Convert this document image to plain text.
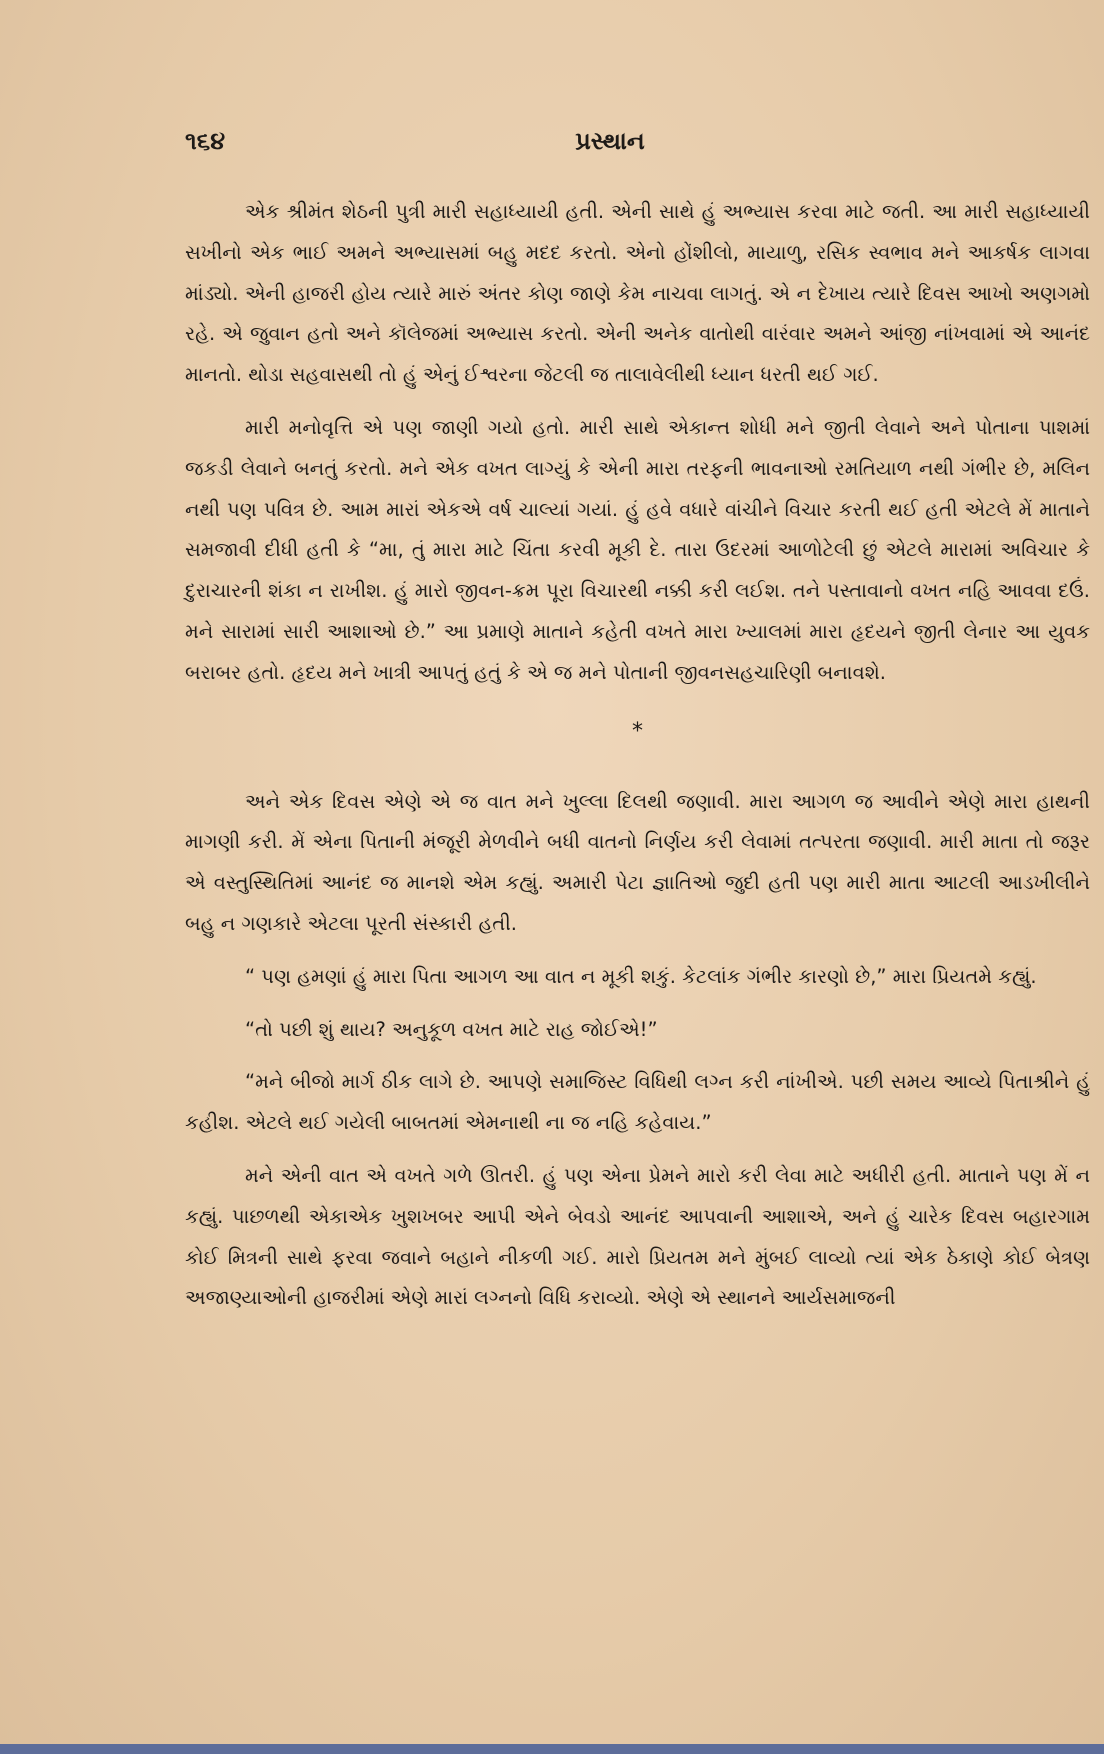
૧૬૪	પ્રસ્થાન

એક શ્રીમંત શેઠની પુત્રી મારી સહાધ્યાયી હતી. એની સાથે હું અભ્યાસ કરવા માટે જતી. આ મારી સહાધ્યાયી સખીનો એક ભાઈ અમને અભ્યાસમાં બહુ મદદ કરતો. એનો હોંશીલો, માયાળુ, રસિક સ્વભાવ મને આકર્ષક લાગવા માંડ્યો. એની હાજરી હોય ત્યારે મારું અંતર કોણ જાણે કેમ નાચવા લાગતું. એ ન દેખાય ત્યારે દિવસ આખો અણગમો રહે. એ જુવાન હતો અને કૉલેજમાં અભ્યાસ કરતો. એની અનેક વાતોથી વારંવાર અમને આંજી નાંખવામાં એ આનંદ માનતો. થોડા સહવાસથી તો હું એનું ઈશ્વરના જેટલી જ તાલાવેલીથી ધ્યાન ધરતી થઈ ગઈ.

મારી મનોવૃત્તિ એ પણ જાણી ગયો હતો. મારી સાથે એકાન્ત શોધી મને જીતી લેવાને અને પોતાના પાશમાં જકડી લેવાને બનતું કરતો. મને એક વખત લાગ્યું કે એની મારા તરફની ભાવનાઓ રમતિયાળ નથી ગંભીર છે, મલિન નથી પણ પવિત્ર છે. આમ મારાં એકએ વર્ષ ચાલ્યાં ગયાં. હું હવે વધારે વાંચીને વિચાર કરતી થઈ હતી એટલે મેં માતાને સમજાવી દીધી હતી કે “મા, તું મારા માટે ચિંતા કરવી મૂકી દે. તારા ઉદરમાં આળોટેલી છું એટલે મારામાં અવિચાર કે દુરાચારની શંકા ન રાખીશ. હું મારો જીવન-ક્રમ પૂરા વિચારથી નક્કી કરી લઈશ. તને પસ્તાવાનો વખત નહિ આવવા દઉં. મને સારામાં સારી આશાઓ છે.” આ પ્રમાણે માતાને કહેતી વખતે મારા ખ્યાલમાં મારા હૃદયને જીતી લેનાર આ યુવક બરાબર હતો. હૃદય મને ખાત્રી આપતું હતું કે એ જ મને પોતાની જીવનસહચારિણી બનાવશે.

*

અને એક દિવસ એણે એ જ વાત મને ખુલ્લા દિલથી જણાવી. મારા આગળ જ આવીને એણે મારા હાથની માગણી કરી. મેં એના પિતાની મંજૂરી મેળવીને બધી વાતનો નિર્ણય કરી લેવામાં તત્પરતા જણાવી. મારી માતા તો જરૂર એ વસ્તુસ્થિતિમાં આનંદ જ માનશે એમ કહ્યું. અમારી પેટા જ્ઞાતિઓ જુદી હતી પણ મારી માતા આટલી આડખીલીને બહુ ન ગણકારે એટલા પૂરતી સંસ્કારી હતી.

“ પણ હમણાં હું મારા પિતા આગળ આ વાત ન મૂકી શકું. કેટલાંક ગંભીર કારણો છે,” મારા પ્રિયતમે કહ્યું.

“તો પછી શું થાય? અનુકૂળ વખત માટે રાહ જોઈએ!”

“મને બીજો માર્ગ ઠીક લાગે છે. આપણે સમાજિસ્ટ વિધિથી લગ્ન કરી નાંખીએ. પછી સમય આવ્યે પિતાશ્રીને હું કહીશ. એટલે થઈ ગયેલી બાબતમાં એમનાથી ના જ નહિ કહેવાય.”

મને એની વાત એ વખતે ગળે ઊતરી. હું પણ એના પ્રેમને મારો કરી લેવા માટે અધીરી હતી. માતાને પણ મેં ન કહ્યું. પાછળથી એકાએક ખુશખબર આપી એને બેવડો આનંદ આપવાની આશાએ, અને હું ચારેક દિવસ બહારગામ કોઈ મિત્રની સાથે ફરવા જવાને બહાને નીકળી ગઈ. મારો પ્રિયતમ મને મુંબઈ લાવ્યો ત્યાં એક ઠેકાણે કોઈ બેત્રણ અજાણ્યાઓની હાજરીમાં એણે મારાં લગ્નનો વિધિ કરાવ્યો. એણે એ સ્થાનને આર્યસમાજની
